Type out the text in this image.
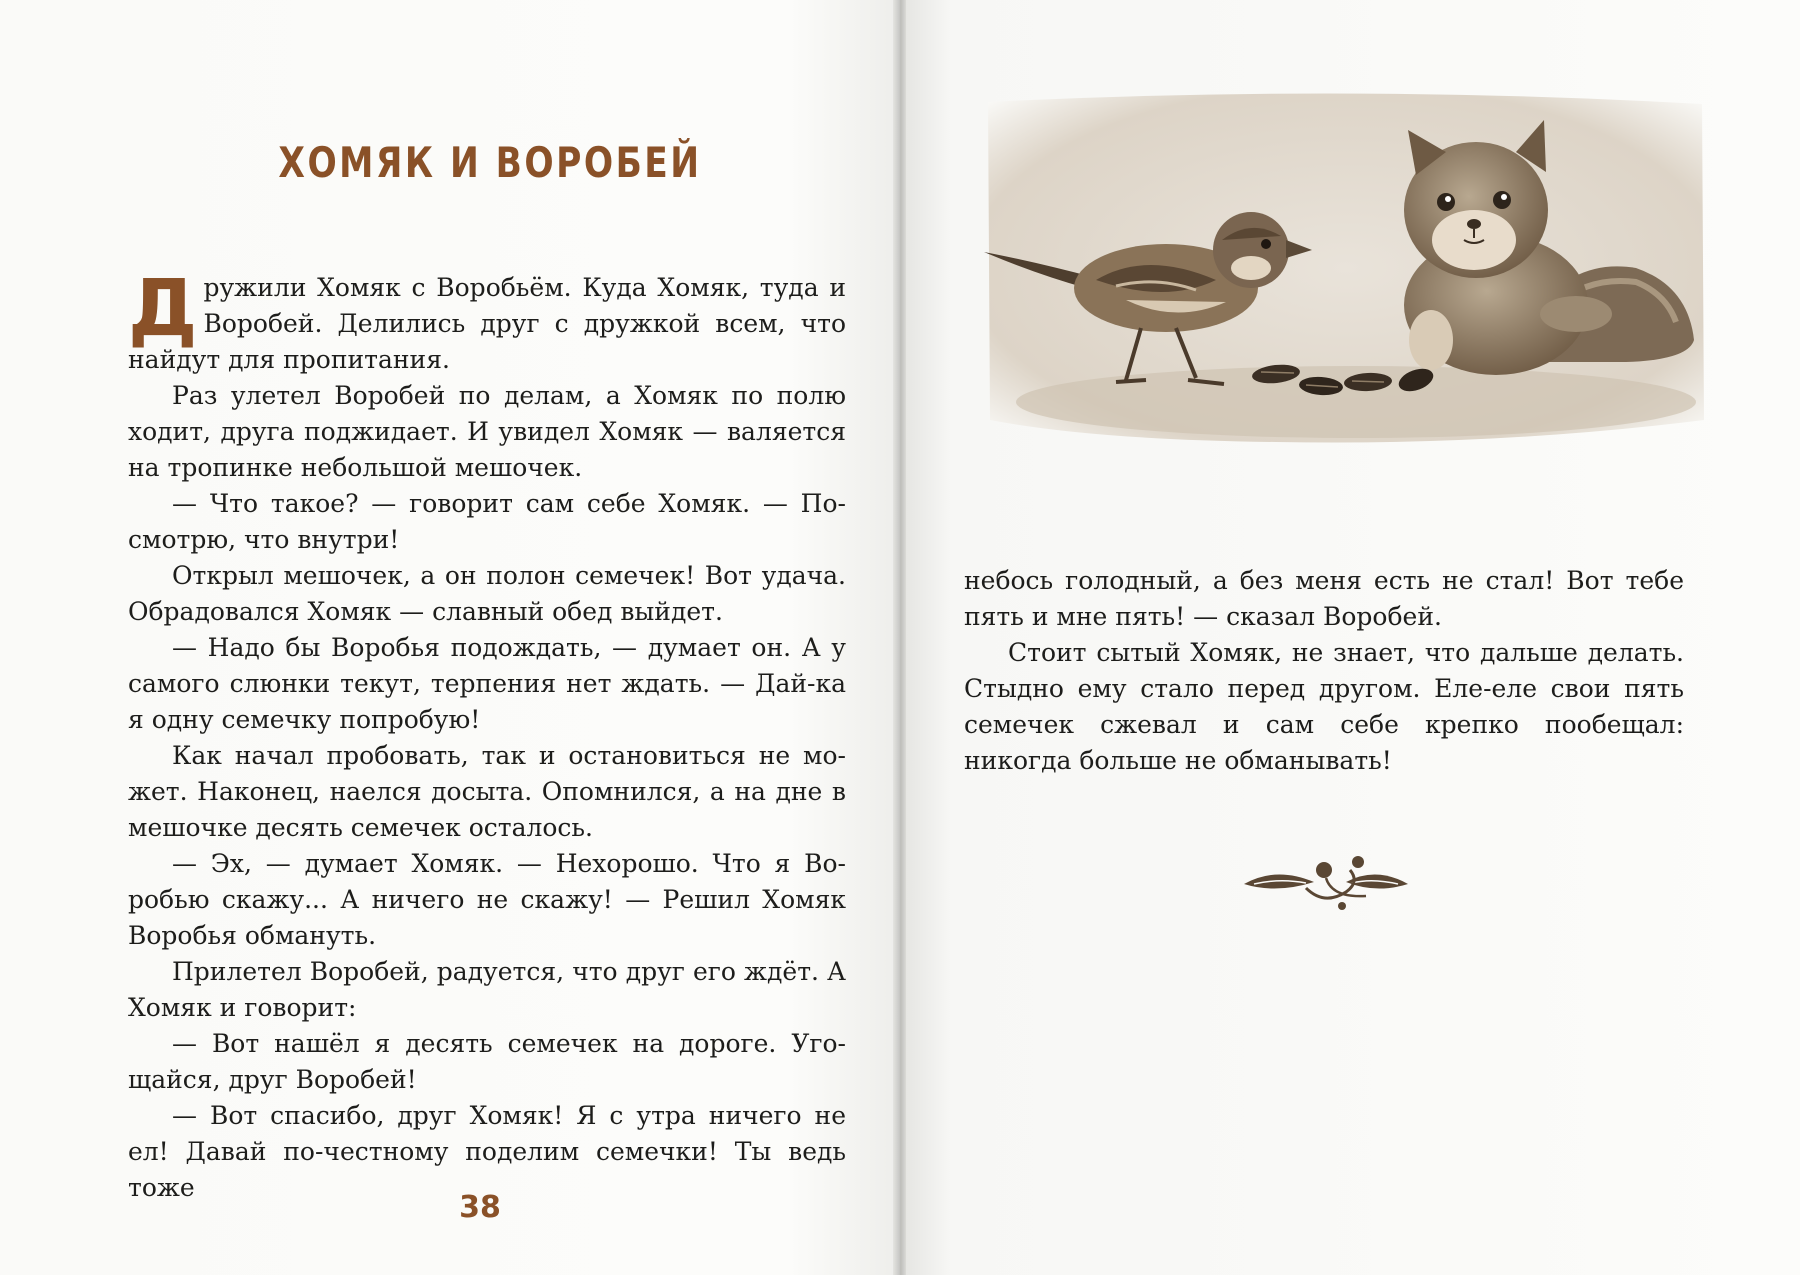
ХОМЯК И ВОРОБЕЙ

Дружили Хомяк с Воробьём. Куда Хомяк, туда и Воробей. Делились друг с дружкой всем, что найдут для пропитания.

Раз улетел Воробей по делам, а Хомяк по полю ходит, друга поджидает. И увидел Хомяк — валяется на тропинке небольшой мешочек.

— Что такое? — говорит сам себе Хомяк. — Посмотрю, что внутри!

Открыл мешочек, а он полон семечек! Вот удача. Обрадовался Хомяк — славный обед выйдет.

— Надо бы Воробья подождать, — думает он. А у самого слюнки текут, терпения нет ждать. — Дай-ка я одну семечку попробую!

Как начал пробовать, так и остановиться не может. Наконец, наелся досыта. Опомнился, а на дне в мешочке десять семечек осталось.

— Эх, — думает Хомяк. — Нехорошо. Что я Воробью скажу... А ничего не скажу! — Решил Хомяк Воробья обмануть.

Прилетел Воробей, радуется, что друг его ждёт. А Хомяк и говорит:

— Вот нашёл я десять семечек на дороге. Угощайся, друг Воробей!

— Вот спасибо, друг Хомяк! Я с утра ничего не ел! Давай по-честному поделим семечки! Ты ведь тоже

38

небось голодный, а без меня есть не стал! Вот тебе пять и мне пять! — сказал Воробей.

Стоит сытый Хомяк, не знает, что дальше делать. Стыдно ему стало перед другом. Еле-еле свои пять семечек сжевал и сам себе крепко пообещал: никогда больше не обманывать!
